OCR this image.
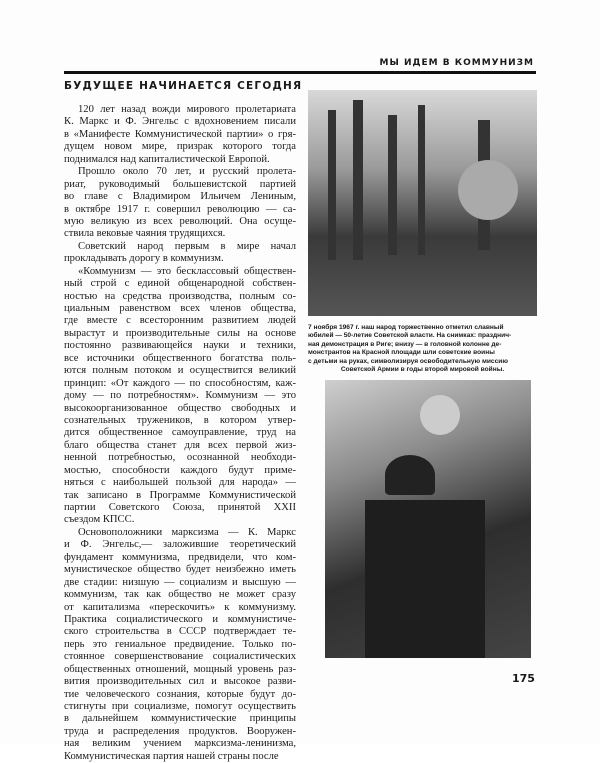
МЫ ИДЕМ В КОММУНИЗМ
БУДУЩЕЕ НАЧИНАЕТСЯ СЕГОДНЯ
120 лет назад вожди мирового пролетариата
К. Маркс и Ф. Энгельс с вдохновением писали
в «Манифесте Коммунистической партии» о гря-
дущем новом мире, призрак которого тогда
поднимался над капиталистической Европой.
Прошло около 70 лет, и русский пролета-
риат, руководимый большевистской партией
во главе с Владимиром Ильичем Лениным,
в октябре 1917 г. совершил революцию — са-
мую великую из всех революций. Она осуще-
ствила вековые чаяния трудящихся.
Советский народ первым в мире начал
прокладывать дорогу в коммунизм.
«Коммунизм — это бесклассовый обществен-
ный строй с единой общенародной собствен-
ностью на средства производства, полным со-
циальным равенством всех членов общества,
где вместе с всесторонним развитием людей
вырастут и производительные силы на основе
постоянно развивающейся науки и техники,
все источники общественного богатства поль-
ются полным потоком и осуществится великий
принцип: «От каждого — по способностям, каж-
дому — по потребностям». Коммунизм — это
высокоорганизованное общество свободных и
сознательных тружеников, в котором утвер-
дится общественное самоуправление, труд на
благо общества станет для всех первой жиз-
ненной потребностью, осознанной необходи-
мостью, способности каждого будут приме-
няться с наибольшей пользой для народа» —
так записано в Программе Коммунистической
партии Советского Союза, принятой XXII
съездом КПСС.
Основоположники марксизма — К. Маркс
и Ф. Энгельс,— заложившие теоретический
фундамент коммунизма, предвидели, что ком-
мунистическое общество будет неизбежно иметь
две стадии: низшую — социализм и высшую —
коммунизм, так как общество не может сразу
от капитализма «перескочить» к коммунизму.
Практика социалистического и коммунистиче-
ского строительства в СССР подтверждает те-
перь это гениальное предвидение. Только по-
стоянное совершенствование социалистических
общественных отношений, мощный уровень раз-
вития производительных сил и высокое разви-
тие человеческого сознания, которые будут до-
стигнуты при социализме, помогут осуществить
в дальнейшем коммунистические принципы
труда и распределения продуктов. Вооружен-
ная великим учением марксизма-ленинизма,
Коммунистическая партия нашей страны после
7 ноября 1967 г. наш народ торжественно отметил славный
юбилей — 50-летие Советской власти. На снимках: празднич-
ная демонстрация в Риге; внизу — в головной колонне де-
монстрантов на Красной площади шли советские воины
с детьми на руках, символизируя освободительную миссию
Советской Армии в годы второй мировой войны.
175
